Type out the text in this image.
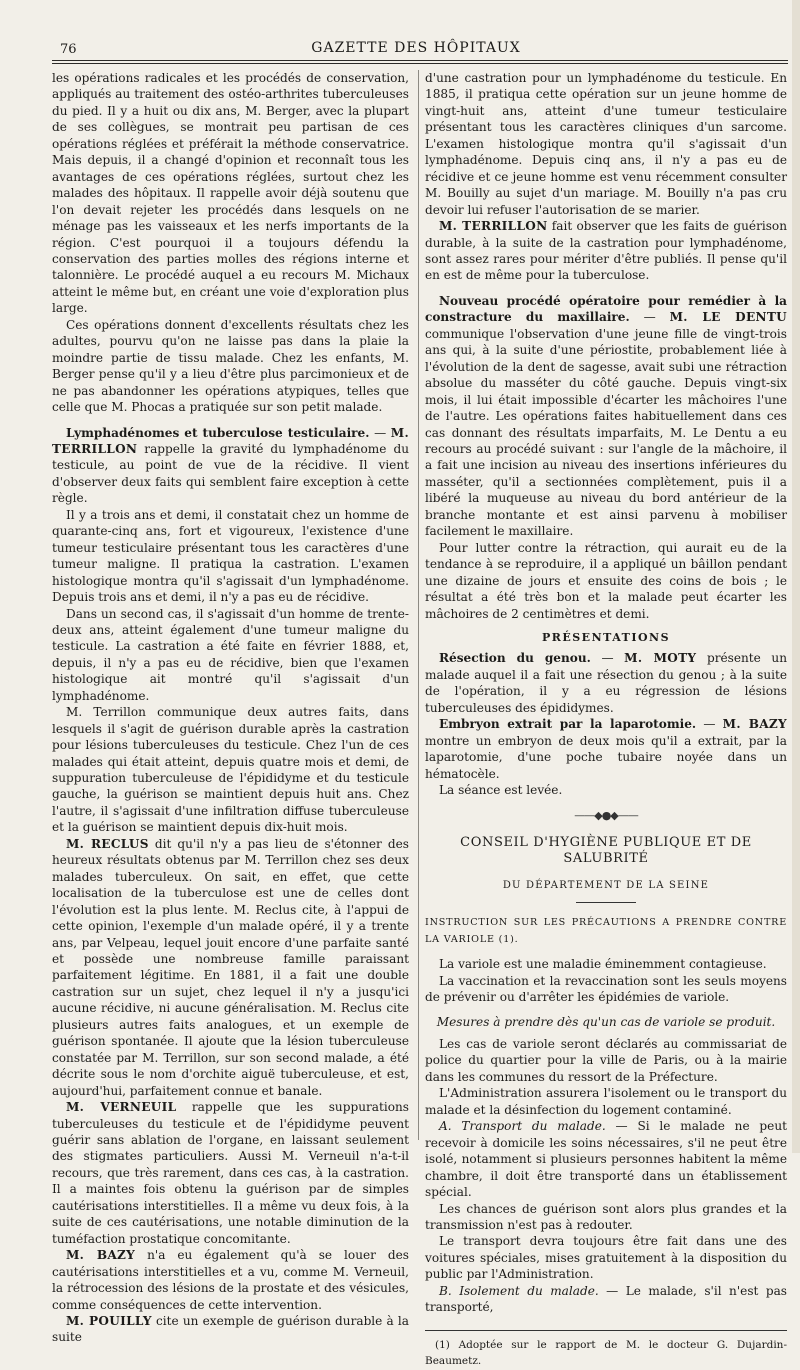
76	GAZETTE DES HÔPITAUX

les opérations radicales et les procédés de conservation, appliqués au traitement des ostéo-arthrites tuberculeuses du pied. Il y a huit ou dix ans, M. Berger, avec la plupart de ses collègues, se montrait peu partisan de ces opérations réglées et préférait la méthode conservatrice. Mais depuis, il a changé d'opinion et reconnaît tous les avantages de ces opérations réglées, surtout chez les malades des hôpitaux. Il rappelle avoir déjà soutenu que l'on devait rejeter les procédés dans lesquels on ne ménage pas les vaisseaux et les nerfs importants de la région. C'est pourquoi il a toujours défendu la conservation des parties molles des régions interne et talonnière. Le procédé auquel a eu recours M. Michaux atteint le même but, en créant une voie d'exploration plus large.

Ces opérations donnent d'excellents résultats chez les adultes, pourvu qu'on ne laisse pas dans la plaie la moindre partie de tissu malade. Chez les enfants, M. Berger pense qu'il y a lieu d'être plus parcimonieux et de ne pas abandonner les opérations atypiques, telles que celle que M. Phocas a pratiquée sur son petit malade.

Lymphadénomes et tuberculose testiculaire. — M. TERRILLON rappelle la gravité du lymphadénome du testicule, au point de vue de la récidive. Il vient d'observer deux faits qui semblent faire exception à cette règle.

Il y a trois ans et demi, il constatait chez un homme de quarante-cinq ans, fort et vigoureux, l'existence d'une tumeur testiculaire présentant tous les caractères d'une tumeur maligne. Il pratiqua la castration. L'examen histologique montra qu'il s'agissait d'un lymphadénome. Depuis trois ans et demi, il n'y a pas eu de récidive.

Dans un second cas, il s'agissait d'un homme de trente-deux ans, atteint également d'une tumeur maligne du testicule. La castration a été faite en février 1888, et, depuis, il n'y a pas eu de récidive, bien que l'examen histologique ait montré qu'il s'agissait d'un lymphadénome.

M. Terrillon communique deux autres faits, dans lesquels il s'agit de guérison durable après la castration pour lésions tuberculeuses du testicule. Chez l'un de ces malades qui était atteint, depuis quatre mois et demi, de suppuration tuberculeuse de l'épididyme et du testicule gauche, la guérison se maintient depuis huit ans. Chez l'autre, il s'agissait d'une infiltration diffuse tuberculeuse et la guérison se maintient depuis dix-huit mois.

M. RECLUS dit qu'il n'y a pas lieu de s'étonner des heureux résultats obtenus par M. Terrillon chez ses deux malades tuberculeux. On sait, en effet, que cette localisation de la tuberculose est une de celles dont l'évolution est la plus lente. M. Reclus cite, à l'appui de cette opinion, l'exemple d'un malade opéré, il y a trente ans, par Velpeau, lequel jouit encore d'une parfaite santé et possède une nombreuse famille paraissant parfaitement légitime. En 1881, il a fait une double castration sur un sujet, chez lequel il n'y a jusqu'ici aucune récidive, ni aucune généralisation. M. Reclus cite plusieurs autres faits analogues, et un exemple de guérison spontanée. Il ajoute que la lésion tuberculeuse constatée par M. Terrillon, sur son second malade, a été décrite sous le nom d'orchite aiguë tuberculeuse, et est, aujourd'hui, parfaitement connue et banale.

M. VERNEUIL rappelle que les suppurations tuberculeuses du testicule et de l'épididyme peuvent guérir sans ablation de l'organe, en laissant seulement des stigmates particuliers. Aussi M. Verneuil n'a-t-il recours, que très rarement, dans ces cas, à la castration. Il a maintes fois obtenu la guérison par de simples cautérisations interstitielles. Il a même vu deux fois, à la suite de ces cautérisations, une notable diminution de la tuméfaction prostatique concomitante.

M. BAZY n'a eu également qu'à se louer des cautérisations interstitielles et a vu, comme M. Verneuil, la rétrocession des lésions de la prostate et des vésicules, comme conséquences de cette intervention.

M. POUILLY cite un exemple de guérison durable à la suite

d'une castration pour un lymphadénome du testicule. En 1885, il pratiqua cette opération sur un jeune homme de vingt-huit ans, atteint d'une tumeur testiculaire présentant tous les caractères cliniques d'un sarcome. L'examen histologique montra qu'il s'agissait d'un lymphadénome. Depuis cinq ans, il n'y a pas eu de récidive et ce jeune homme est venu récemment consulter M. Bouilly au sujet d'un mariage. M. Bouilly n'a pas cru devoir lui refuser l'autorisation de se marier.

M. TERRILLON fait observer que les faits de guérison durable, à la suite de la castration pour lymphadénome, sont assez rares pour mériter d'être publiés. Il pense qu'il en est de même pour la tuberculose.

Nouveau procédé opératoire pour remédier à la constracture du maxillaire. — M. LE DENTU communique l'observation d'une jeune fille de vingt-trois ans qui, à la suite d'une périostite, probablement liée à l'évolution de la dent de sagesse, avait subi une rétraction absolue du masséter du côté gauche. Depuis vingt-six mois, il lui était impossible d'écarter les mâchoires l'une de l'autre. Les opérations faites habituellement dans ces cas donnant des résultats imparfaits, M. Le Dentu a eu recours au procédé suivant : sur l'angle de la mâchoire, il a fait une incision au niveau des insertions inférieures du masséter, qu'il a sectionnées complètement, puis il a libéré la muqueuse au niveau du bord antérieur de la branche montante et est ainsi parvenu à mobiliser facilement le maxillaire.

Pour lutter contre la rétraction, qui aurait eu de la tendance à se reproduire, il a appliqué un bâillon pendant une dizaine de jours et ensuite des coins de bois ; le résultat a été très bon et la malade peut écarter les mâchoires de 2 centimètres et demi.

PRÉSENTATIONS

Résection du genou. — M. MOTY présente un malade auquel il a fait une résection du genou ; à la suite de l'opération, il y a eu régression de lésions tuberculeuses des épididymes.

Embryon extrait par la laparotomie. — M. BAZY montre un embryon de deux mois qu'il a extrait, par la laparotomie, d'une poche tubaire noyée dans un hématocèle.

La séance est levée.

——◆●◆——
CONSEIL D'HYGIÈNE PUBLIQUE ET DE SALUBRITÉ
DU DÉPARTEMENT DE LA SEINE

INSTRUCTION SUR LES PRÉCAUTIONS A PRENDRE CONTRE LA VARIOLE (1).

La variole est une maladie éminemment contagieuse.

La vaccination et la revaccination sont les seuls moyens de prévenir ou d'arrêter les épidémies de variole.

Mesures à prendre dès qu'un cas de variole se produit.

Les cas de variole seront déclarés au commissariat de police du quartier pour la ville de Paris, ou à la mairie dans les communes du ressort de la Préfecture.

L'Administration assurera l'isolement ou le transport du malade et la désinfection du logement contaminé.

A. Transport du malade. — Si le malade ne peut recevoir à domicile les soins nécessaires, s'il ne peut être isolé, notamment si plusieurs personnes habitent la même chambre, il doit être transporté dans un établissement spécial.

Les chances de guérison sont alors plus grandes et la transmission n'est pas à redouter.

Le transport devra toujours être fait dans une des voitures spéciales, mises gratuitement à la disposition du public par l'Administration.

B. Isolement du malade. — Le malade, s'il n'est pas transporté,

(1) Adoptée sur le rapport de M. le docteur G. Dujardin-Beaumetz.
